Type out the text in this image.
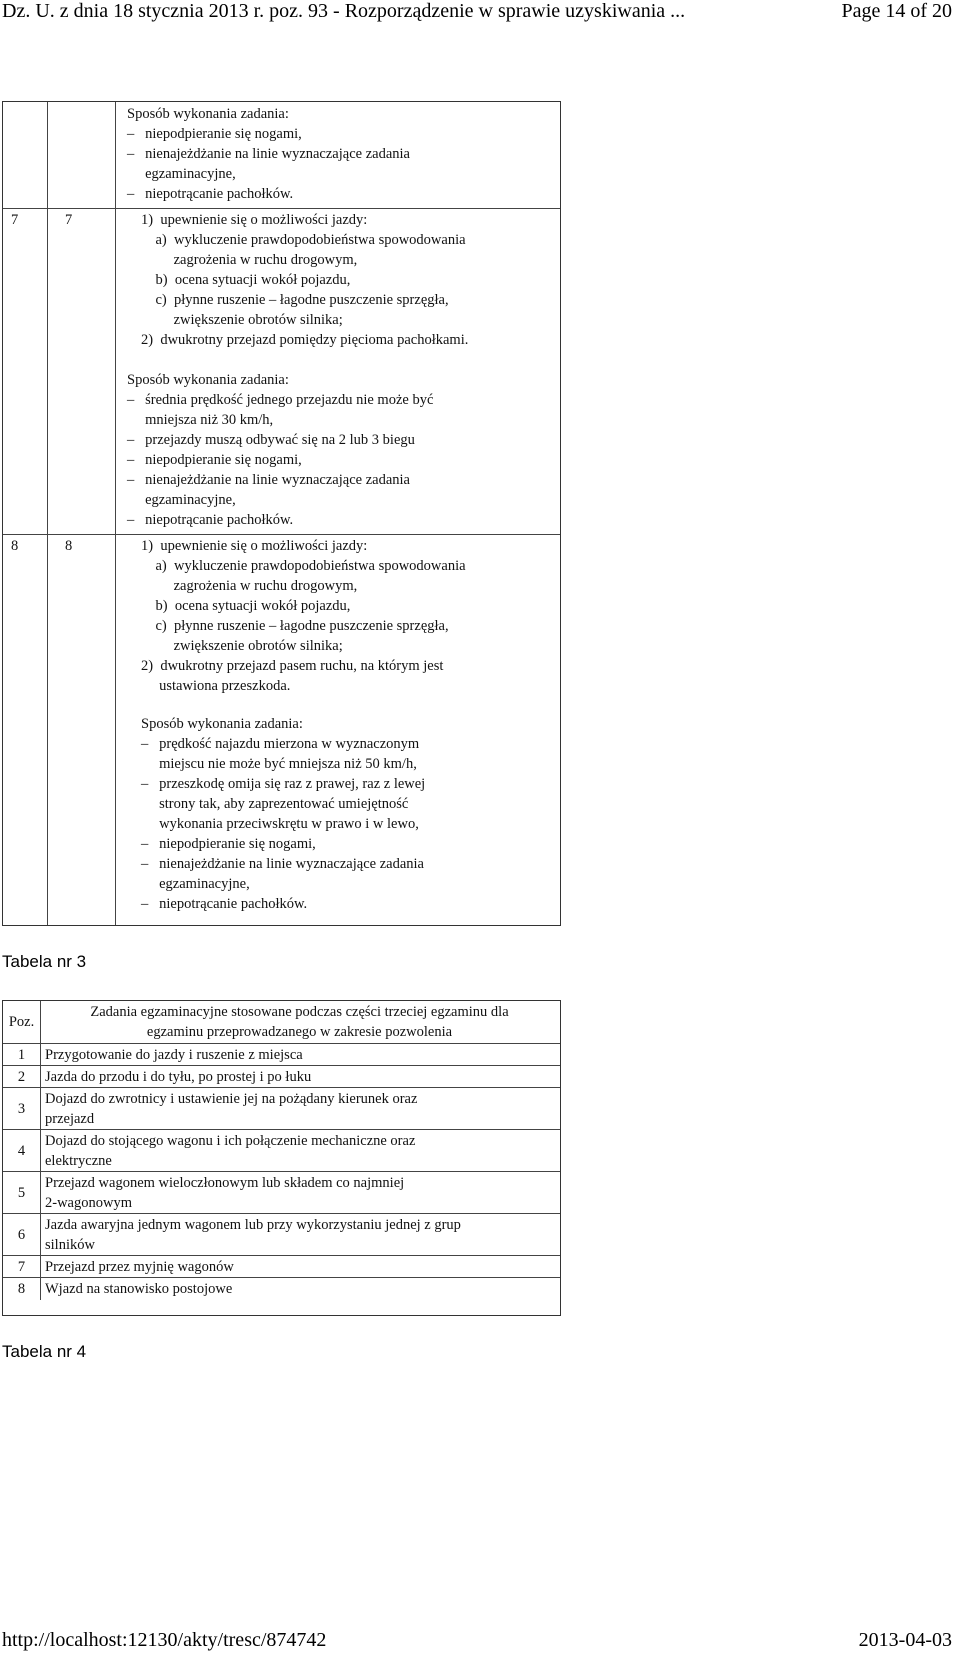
Dz. U. z dnia 18 stycznia 2013 r. poz. 93 - Rozporządzenie w sprawie uzyskiwania ...	Page 14 of 20
Sposób wykonania zadania:
–   niepodpieranie się nogami,
–   nienajeżdżanie na linie wyznaczające zadania
egzaminacyjne,
–   niepotrącanie pachołków.
7	7	1)  upewnienie się o możliwości jazdy:
a)  wykluczenie prawdopodobieństwa spowodowania
zagrożenia w ruchu drogowym,
b)  ocena sytuacji wokół pojazdu,
c)  płynne ruszenie – łagodne puszczenie sprzęgła,
zwiększenie obrotów silnika;
2)  dwukrotny przejazd pomiędzy pięcioma pachołkami.
Sposób wykonania zadania:
–   średnia prędkość jednego przejazdu nie może być
mniejsza niż 30 km/h,
–   przejazdy muszą odbywać się na 2 lub 3 biegu
–   niepodpieranie się nogami,
–   nienajeżdżanie na linie wyznaczające zadania
egzaminacyjne,
–   niepotrącanie pachołków.
8	8	1)  upewnienie się o możliwości jazdy:
a)  wykluczenie prawdopodobieństwa spowodowania
zagrożenia w ruchu drogowym,
b)  ocena sytuacji wokół pojazdu,
c)  płynne ruszenie – łagodne puszczenie sprzęgła,
zwiększenie obrotów silnika;
2)  dwukrotny przejazd pasem ruchu, na którym jest
ustawiona przeszkoda.
Sposób wykonania zadania:
–   prędkość najazdu mierzona w wyznaczonym
miejscu nie może być mniejsza niż 50 km/h,
–   przeszkodę omija się raz z prawej, raz z lewej
strony tak, aby zaprezentować umiejętność
wykonania przeciwskrętu w prawo i w lewo,
–   niepodpieranie się nogami,
–   nienajeżdżanie na linie wyznaczające zadania
egzaminacyjne,
–   niepotrącanie pachołków.
Tabela nr 3
Poz.
Zadania egzaminacyjne stosowane podczas części trzeciej egzaminu dla
egzaminu przeprowadzanego w zakresie pozwolenia
1	Przygotowanie do jazdy i ruszenie z miejsca
2	Jazda do przodu i do tyłu, po prostej i po łuku
3
Dojazd do zwrotnicy i ustawienie jej na pożądany kierunek oraz
przejazd
4
Dojazd do stojącego wagonu i ich połączenie mechaniczne oraz
elektryczne
5
Przejazd wagonem wieloczłonowym lub składem co najmniej
2-wagonowym
6
Jazda awaryjna jednym wagonem lub przy wykorzystaniu jednej z grup
silników
7	Przejazd przez myjnię wagonów
8	Wjazd na stanowisko postojowe
Tabela nr 4
http://localhost:12130/akty/tresc/874742	2013-04-03
